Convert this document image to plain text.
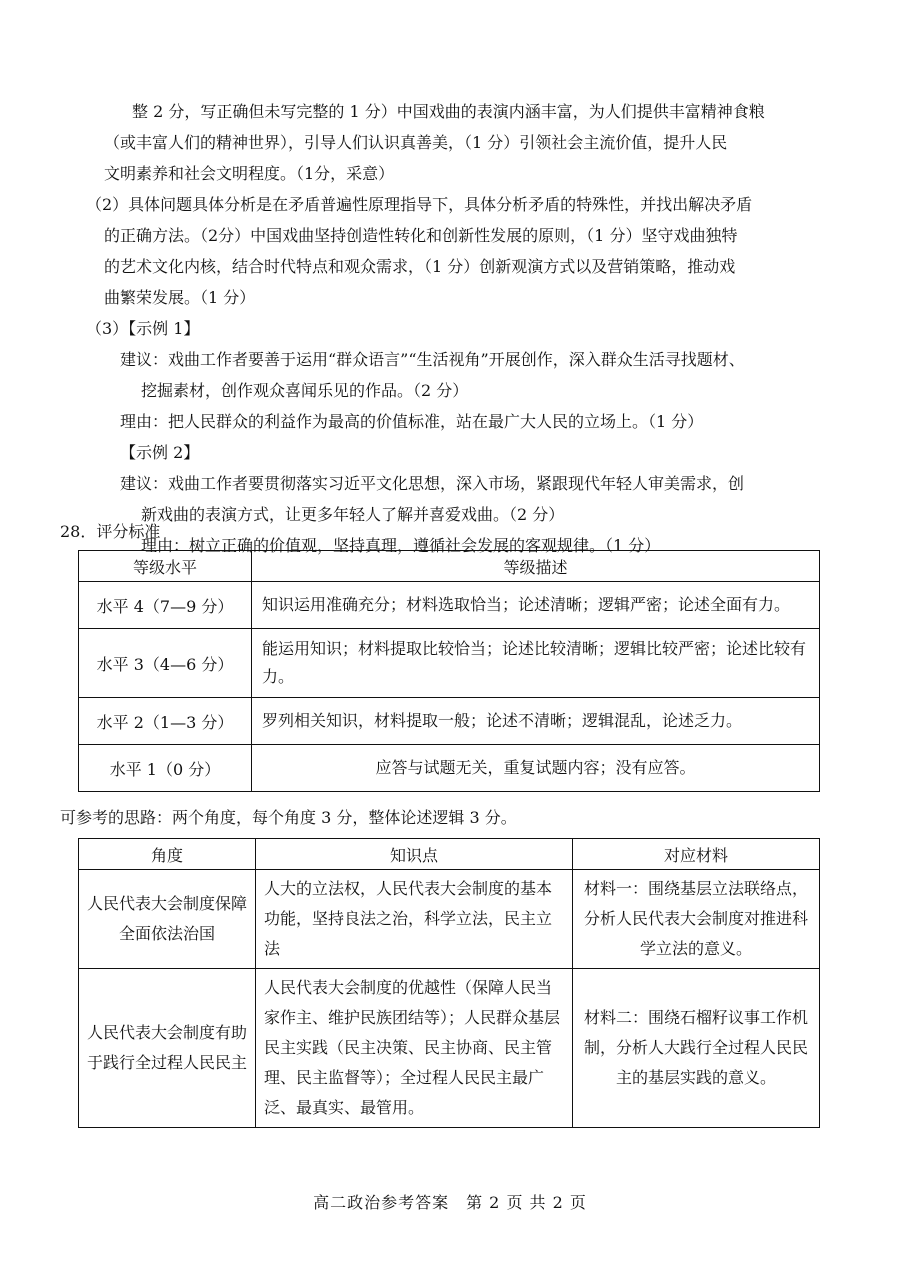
整 2 分，写正确但未写完整的 1 分）中国戏曲的表演内涵丰富，为人们提供丰富精神食粮
（或丰富人们的精神世界），引导人们认识真善美，（1 分）引领社会主流价值，提升人民
文明素养和社会文明程度。（1分，采意）
（2）具体问题具体分析是在矛盾普遍性原理指导下，具体分析矛盾的特殊性，并找出解决矛盾
的正确方法。（2分）中国戏曲坚持创造性转化和创新性发展的原则，（1 分）坚守戏曲独特
的艺术文化内核，结合时代特点和观众需求，（1 分）创新观演方式以及营销策略，推动戏
曲繁荣发展。（1 分）
（3）【示例 1】
建议：戏曲工作者要善于运用“群众语言”“生活视角”开展创作，深入群众生活寻找题材、
挖掘素材，创作观众喜闻乐见的作品。（2 分）
理由：把人民群众的利益作为最高的价值标准，站在最广大人民的立场上。（1 分）
【示例 2】
建议：戏曲工作者要贯彻落实习近平文化思想，深入市场，紧跟现代年轻人审美需求，创
新戏曲的表演方式，让更多年轻人了解并喜爱戏曲。（2 分）
理由：树立正确的价值观，坚持真理，遵循社会发展的客观规律。（1 分）
28．评分标准
等级水平	等级描述
水平 4（7—9 分）	知识运用准确充分；材料选取恰当；论述清晰；逻辑严密；论述全面有力。
水平 3（4—6 分）	能运用知识；材料提取比较恰当；论述比较清晰；逻辑比较严密；论述比较有力。
水平 2（1—3 分）	罗列相关知识，材料提取一般；论述不清晰；逻辑混乱，论述乏力。
水平 1（0 分）	应答与试题无关，重复试题内容；没有应答。
可参考的思路：两个角度，每个角度 3 分，整体论述逻辑 3 分。
角度	知识点	对应材料
人民代表大会制度保障全面依法治国	人大的立法权，人民代表大会制度的基本功能，坚持良法之治，科学立法，民主立法	材料一：围绕基层立法联络点，分析人民代表大会制度对推进科学立法的意义。
人民代表大会制度有助于践行全过程人民民主	人民代表大会制度的优越性（保障人民当家作主、维护民族团结等）；人民群众基层民主实践（民主决策、民主协商、民主管理、民主监督等）；全过程人民民主最广泛、最真实、最管用。	材料二：围绕石榴籽议事工作机制，分析人大践行全过程人民民主的基层实践的意义。
高二政治参考答案　第 2 页 共 2 页
